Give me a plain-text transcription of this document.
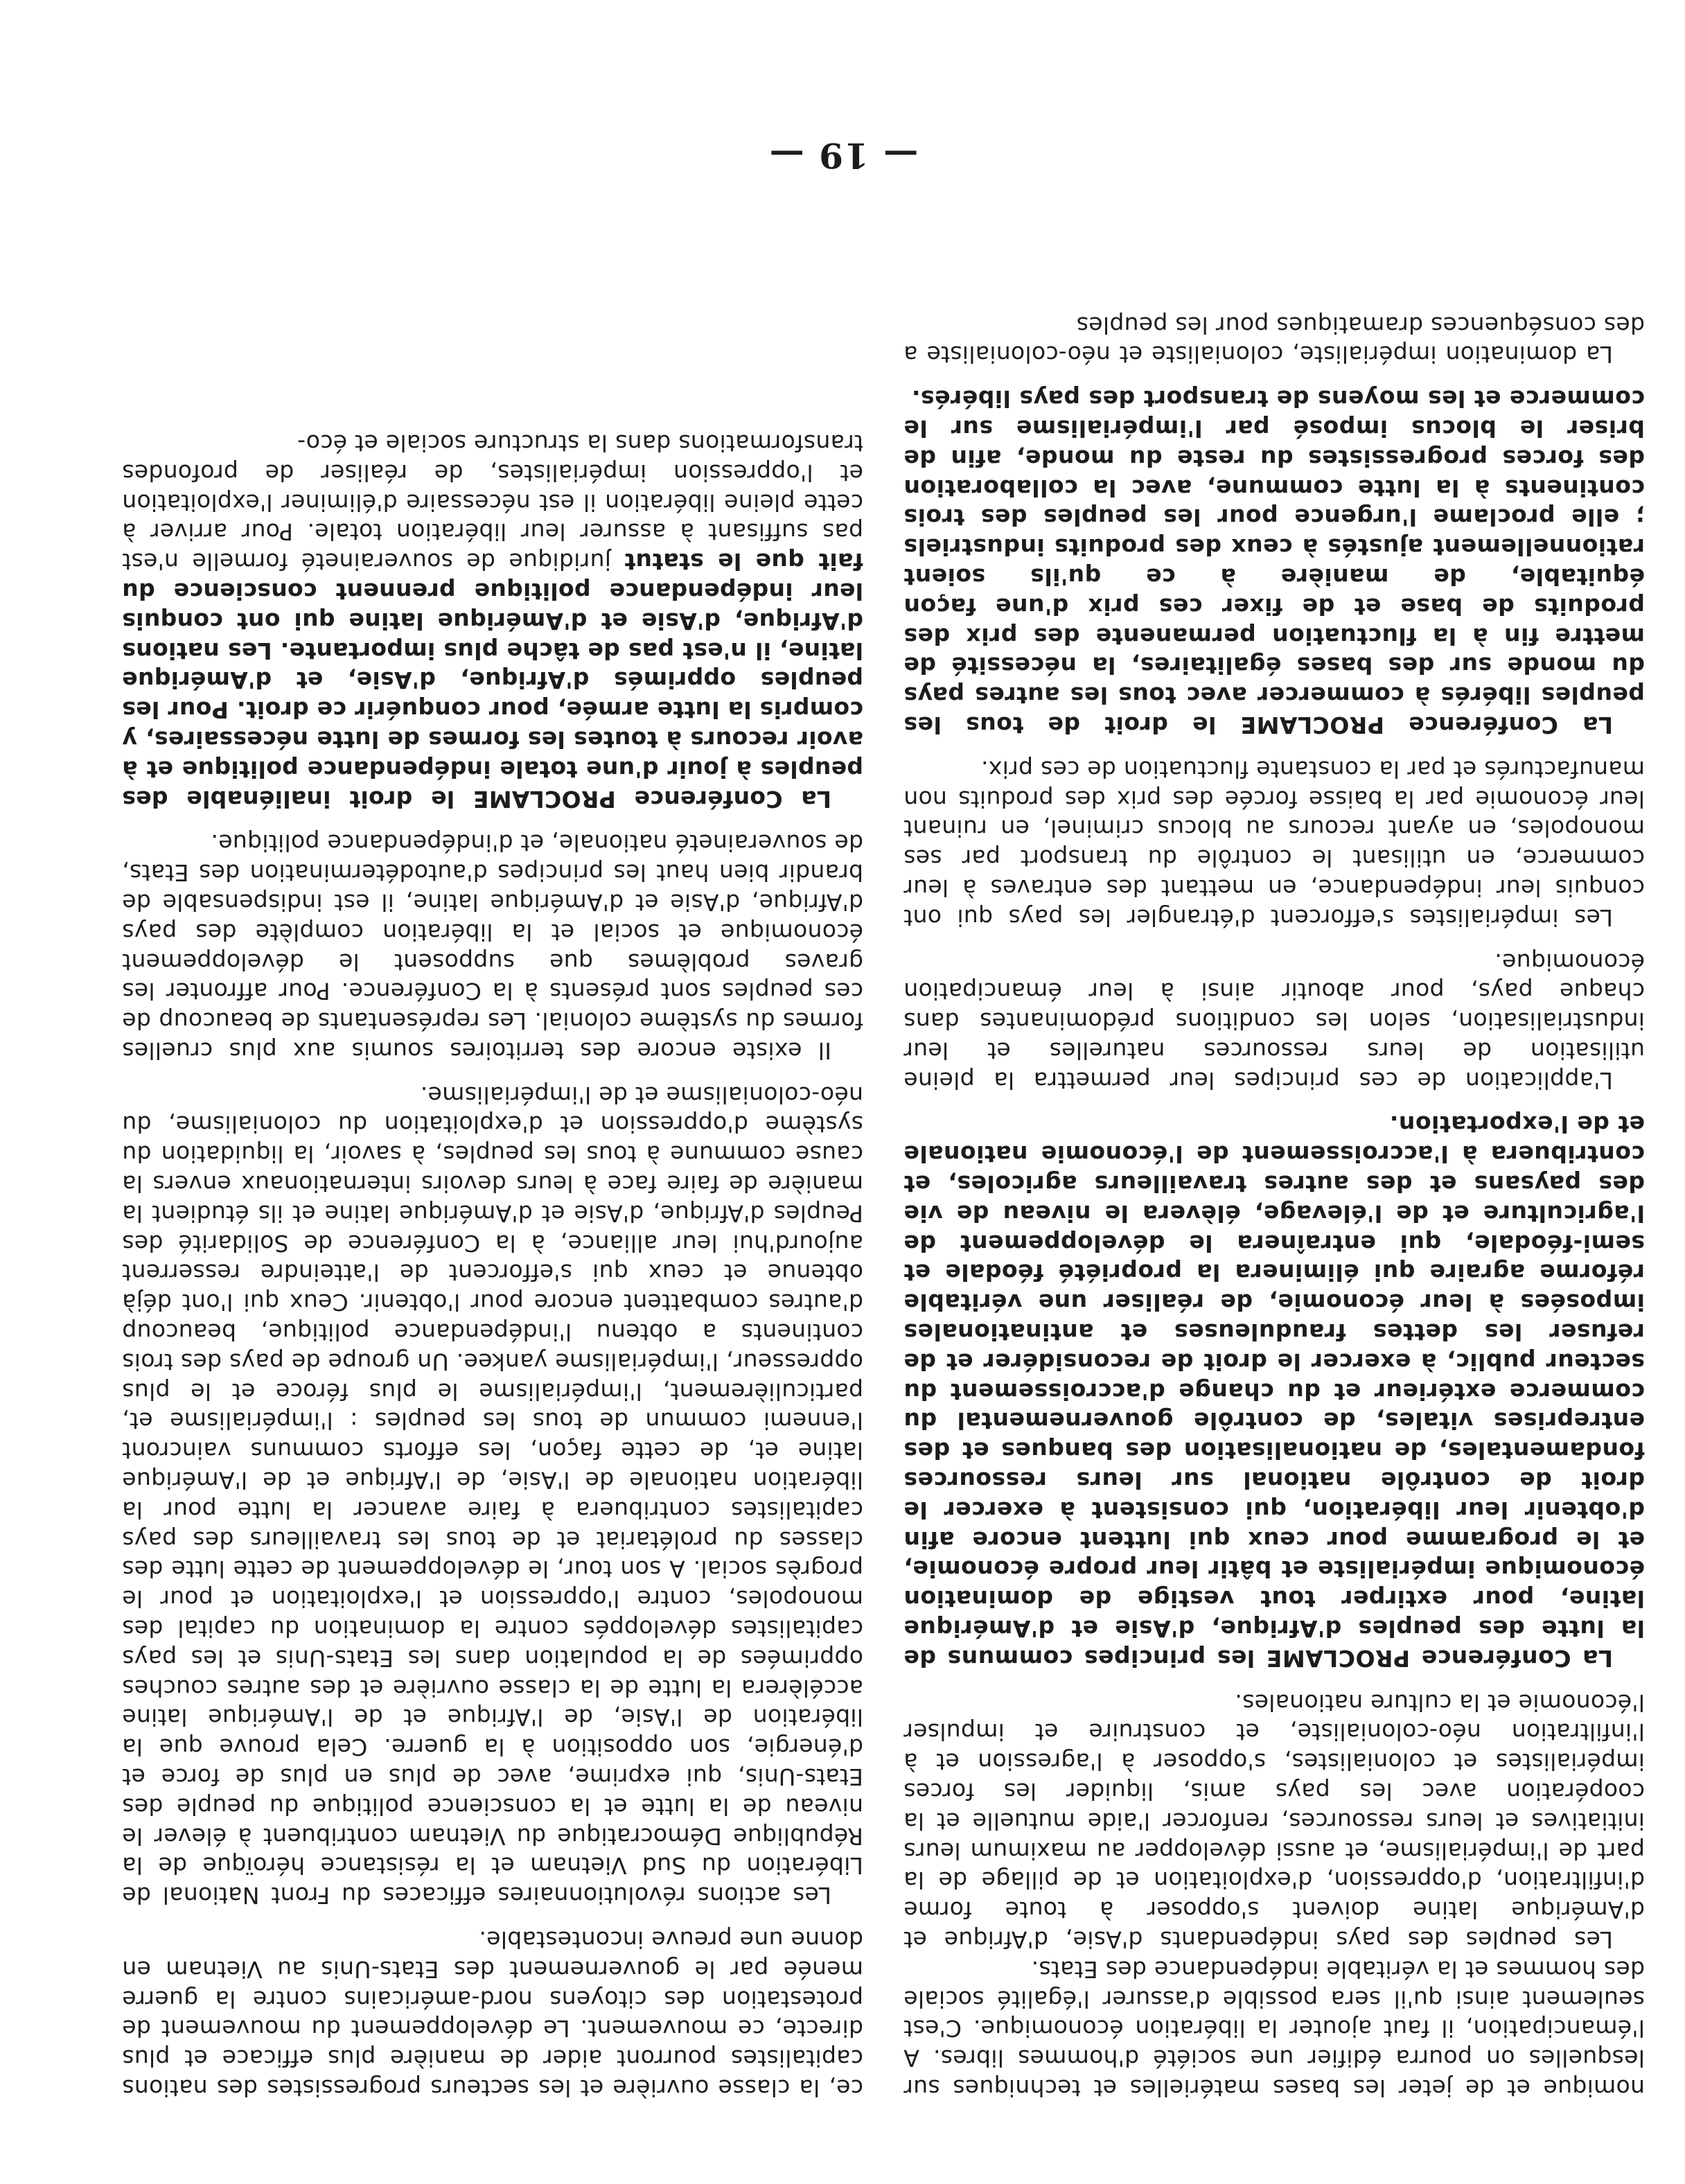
— 19 —

ce, la classe ouvrière et les secteurs progressistes des nations capitalistes pourront aider de manière plus efficace et plus directe, ce mouvement. Le développement du mouvement de protestation des citoyens nord-américains contre la guerre menée par le gouvernement des Etats-Unis au Vietnam en donne une preuve incontestable.

Les actions révolutionnaires efficaces du Front National de Libération du Sud Vietnam et la résistance héroïque de la République Démocratique du Vietnam contribuent à élever le niveau de la lutte et la conscience politique du peuple des Etats-Unis, qui exprime, avec de plus en plus de force et d'énergie, son opposition à la guerre. Cela prouve que la libération de l'Asie, de l'Afrique et de l'Amérique latine accélèrera la lutte de la classe ouvrière et des autres couches opprimées de la population dans les Etats-Unis et les pays capitalistes développés contre la domination du capital des monopoles, contre l'oppression et l'exploitation et pour le progrès social. A son tour, le développement de cette lutte des classes du prolétariat et de tous les travailleurs des pays capitalistes contribuera à faire avancer la lutte pour la libération nationale de l'Asie, de l'Afrique et de l'Amérique latine et, de cette façon, les efforts communs vaincront l'ennemi commun de tous les peuples : l'impérialisme et, particulièrement, l'impérialisme le plus féroce et le plus oppresseur, l'impérialisme yankee. Un groupe de pays des trois continents a obtenu l'indépendance politique, beaucoup d'autres combattent encore pour l'obtenir. Ceux qui l'ont déjà obtenue et ceux qui s'efforcent de l'atteindre resserrent aujourd'hui leur alliance, à la Conférence de Solidarité des Peuples d'Afrique, d'Asie et d'Amérique latine et ils étudient la manière de faire face à leurs devoirs internationaux envers la cause commune à tous les peuples, à savoir, la liquidation du système d'oppression et d'exploitation du colonialisme, du néo-colonialisme et de l'impérialisme.

Il existe encore des territoires soumis aux plus cruelles formes du système colonial. Les représentants de beaucoup de ces peuples sont présents à la Conférence. Pour affronter les graves problèmes que supposent le développement économique et social et la libération complète des pays d'Afrique, d'Asie et d'Amérique latine, il est indispensable de brandir bien haut les principes d'autodétermination des Etats, de souveraineté nationale, et d'indépendance politique.

La Conférence PROCLAME le droit inaliénable des peuples à jouir d'une totale indépendance politique et à avoir recours à toutes les formes de lutte nécessaires, y compris la lutte armée, pour conquérir ce droit. Pour les peuples opprimés d'Afrique, d'Asie, et d'Amérique latine, il n'est pas de tâche plus importante. Les nations d'Afrique, d'Asie et d'Amérique latine qui ont conquis leur indépendance politique prennent conscience du fait que le statut juridique de souveraineté formelle n'est pas suffisant à assurer leur libération totale. Pour arriver à cette pleine libération il est nécessaire d'éliminer l'exploitation et l'oppression impérialistes, de réaliser de profondes transformations dans la structure sociale et éco-

nomique et de jeter les bases matérielles et techniques sur lesquelles on pourra édifier une société d'hommes libres. A l'émancipation, il faut ajouter la libération économique. C'est seulement ainsi qu'il sera possible d'assurer l'égalité sociale des hommes et la véritable indépendance des Etats.

Les peuples des pays indépendants d'Asie, d'Afrique et d'Amérique latine doivent s'opposer à toute forme d'infiltration, d'oppression, d'exploitation et de pillage de la part de l'impérialisme, et aussi développer au maximum leurs initiatives et leurs ressources, renforcer l'aide mutuelle et la coopération avec les pays amis, liquider les forces impérialistes et colonialistes, s'opposer à l'agression et à l'infiltration néo-colonialiste, et construire et impulser l'économie et la culture nationales.

La Conférence PROCLAME les principes communs de la lutte des peuples d'Afrique, d'Asie et d'Amérique latine, pour extirper tout vestige de domination économique impérialiste et bâtir leur propre économie, et le programme pour ceux qui luttent encore afin d'obtenir leur libération, qui consistent à exercer le droit de contrôle national sur leurs ressources fondamentales, de nationalisation des banques et des entreprises vitales, de contrôle gouvernemental du commerce extérieur et du change d'accroissement du secteur public, à exercer le droit de reconsidérer et de refuser les dettes frauduleuses et antinationales imposées à leur économie, de réaliser une véritable réforme agraire qui éliminera la propriété féodale et semi-féodale, qui entraînera le développement de l'agriculture et de l'élevage, élèvera le niveau de vie des paysans et des autres travailleurs agricoles, et contribuera à l'accroissement de l'économie nationale et de l'exportation.

L'application de ces principes leur permettra la pleine utilisation de leurs ressources naturelles et leur industrialisation, selon les conditions prédominantes dans chaque pays, pour aboutir ainsi à leur émancipation économique.

Les impérialistes s'efforcent d'étrangler les pays qui ont conquis leur indépendance, en mettant des entraves à leur commerce, en utilisant le contrôle du transport par ses monopoles, en ayant recours au blocus criminel, en ruinant leur économie par la baisse forcée des prix des produits non manufacturés et par la constante fluctuation de ces prix.

La Conférence PROCLAME le droit de tous les peuples libérés à commercer avec tous les autres pays du monde sur des bases égalitaires, la nécessité de mettre fin à la fluctuation permanente des prix des produits de base et de fixer ces prix d'une façon équitable, de manière à ce qu'ils soient rationnellement ajustés à ceux des produits industriels ; elle proclame l'urgence pour les peuples des trois continents à la lutte commune, avec la collaboration des forces progressistes du reste du monde, afin de briser le blocus imposé par l'impérialisme sur le commerce et les moyens de transport des pays libérés.

La domination impérialiste, colonialiste et néo-colonialiste a des conséquences dramatiques pour les peuples
